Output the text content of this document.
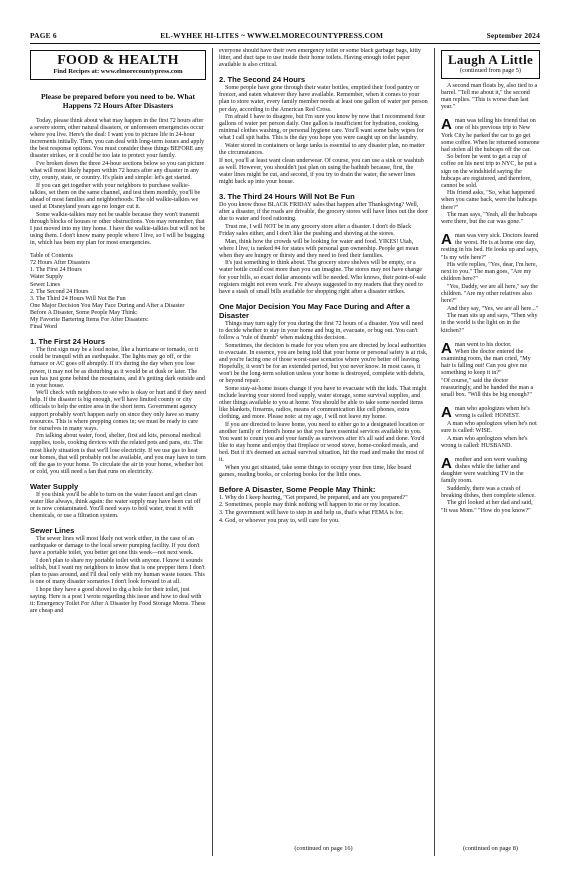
PAGE 6	EL-WYHEE HI-LITES ~ WWW.ELMORECOUNTYPRESS.COM	September 2024
FOOD & HEALTH
Find Recipes at: www.elmorecountypress.com
Please be prepared before you need to be. What Happens 72 Hours After Disasters

Today, please think about what may happen in the first 72 hours after a severe storm, other natural disasters, or unforeseen emergencies occur where you live. Here's the deal: I want you to picture life in 24-hour increments initially. Then, you can deal with long-term issues and apply the best response options. You must consider these things BEFORE any disaster strikes, or it could be too late to protect your family.

I've broken down the three 24-hour sections below so you can picture what will most likely happen within 72 hours after any disaster in any city, county, state, or country. It's plain and simple: let's get started.

If you can get together with your neighbors to purchase walkie-talkies, set them on the same channel, and test them monthly, you'll be ahead of most families and neighborhoods. The old walkie-talkies we used at Disneyland years ago no longer cut it.

Some walkie-talkies may not be usable because they won't transmit through blocks of houses or other obstructions. You may remember, that I just moved into my tiny home. I have the walkie-talkies but will not be using them. I don't know many people where I live, so I will be bugging in, which has been my plan for most emergencies.

Table of Contents
72 Hours After Disasters
1. The First 24 Hours
Water Supply
Sewer Lines
2. The Second 24 Hours
3. The Third 24 Hours Will Not Be Fun
One Major Decision You May Face During and After a Disaster
Before A Disaster, Some People May Think:
My Favorite Bartering Items For After Disasters:
Final Word
1. The First 24 Hours

The first sign may be a loud noise, like a hurricane or tornado, or it could be tranquil with an earthquake. The lights may go off, or the furnace or AC goes off abruptly. If it's during the day when you lose power, it may not be as disturbing as it would be at dusk or later. The sun has just gone behind the mountains, and it's getting dark outside and in your house.

We'll check with neighbors to see who is okay or hurt and if they need help. If the disaster is big enough, we'll have limited county or city officials to help the entire area in the short term. Government agency support probably won't happen early on since they only have so many resources. This is where prepping comes in; we must be ready to care for ourselves in many ways.

I'm talking about water, food, shelter, first aid kits, personal medical supplies, tools, cooking devices with the related pots and pans, etc. The most likely situation is that we'll lose electricity. If we use gas to heat our homes, that will probably not be available, and you may have to turn off the gas to your home. To circulate the air in your home, whether hot or cold, you still need a fan that runs on electricity.

Water Supply

If you think you'll be able to turn on the water faucet and get clean water like always, think again: the water supply may have been cut off or is now contaminated. You'll need ways to boil water, treat it with chemicals, or use a filtration system.

Sewer Lines

The sewer lines will most likely not work either, in the case of an earthquake or damage to the local sewer pumping facility. If you don't have a portable toilet, you better get one this week—not next week.

I don't plan to share my portable toilet with anyone. I know it sounds selfish, but I want my neighbors to know that is one prepper item I don't plan to pass around, and I'll deal only with my human waste issues. This is one of many disaster scenarios I don't look forward to at all.

I hope they have a good shovel to dig a hole for their toilet, just saying. Here is a post I wrote regarding this issue and how to deal with it: Emergency Toilet For After A Disaster by Food Storage Moms. These are cheap and

everyone should have their own emergency toilet or some black garbage bags, kitty litter, and duct tape to use inside their home toilets. Having enough toilet paper available is also critical.

2. The Second 24 Hours

Some people have gone through their water bottles, emptied their food pantry or freezer, and eaten whatever they have available. Remember, when it comes to your plan to store water, every family member needs at least one gallon of water per person per day, according to the American Red Cross.

I'm afraid I have to disagree, but I'm sure you know by now that I recommend four gallons of water per person daily. One gallon is insufficient for hydration, cooking, minimal clothes washing, or personal hygiene care. You'll want some baby wipes for what I call spit baths. This is the day you hope you were caught up on the laundry.

Water stored in containers or large tanks is essential to any disaster plan, no matter the circumstances.

If not, you'll at least want clean underwear. Of course, you can use a sink or washtub as well. However, you shouldn't just plan on using the bathtub because, first, the water lines might be cut, and second, if you try to drain the water, the sewer lines might back up into your house.

3. The Third 24 Hours Will Not Be Fun

Do you know those BLACK FRIDAY sales that happen after Thanksgiving? Well, after a disaster, if the roads are drivable, the grocery stores will have lines out the door due to water and food rationing.

Trust me, I will NOT be in any grocery store after a disaster. I don't do Black Friday sales either, and I don't like the pushing and shoving at the stores.

Man, think how the crowds will be looking for water and food. YIKES! Utah, where I live, is ranked #4 for states with personal gun ownership. People get mean when they are hungry or thirsty and they need to feed their families.

It's just something to think about. The grocery store shelves will be empty, or a water bottle could cost more than you can imagine. The stores may not have change for your bills, so exact dollar amounts will be needed. Who knows, their point-of-sale registers might not even work. I've always suggested to my readers that they need to have a stash of small bills available for shopping right after a disaster strikes.

One Major Decision You May Face During and After a Disaster

Things may turn ugly for you during the first 72 hours of a disaster. You will need to decide whether to stay in your home and bug in, evacuate, or bug out. You can't follow a "rule of thumb" when making this decision.

Sometimes, the decision is made for you when you are directed by local authorities to evacuate. In essence, you are being told that your home or personal safety is at risk, and you're facing one of those worst-case scenarios where you're better off leaving. Hopefully, it won't be for an extended period, but you never know. In most cases, it won't be the long-term solution unless your home is destroyed, complete with debris, or beyond repair.

Some stay-at-home issues change if you have to evacuate with the kids. That might include leaving your stored food supply, water storage, some survival supplies, and other things available to you at home. You should be able to take some needed items like blankets, firearms, radios, means of communication like cell phones, extra clothing, and more. Please note: at my age, I will not leave my home.

If you are directed to leave home, you need to either go to a designated location or another family or friend's home so that you have essential services available to you. You want to count you and your family as survivors after it's all said and done. You'd like to stay home and enjoy that fireplace or wood stove, home-cooked meals, and bed. But if it's deemed an actual survival situation, hit the road and make the most of it.

When you get situated, take some things to occupy your free time, like board games, reading books, or coloring books for the little ones.

Before A Disaster, Some People May Think:

1. Why do I keep hearing, "Get prepared, be prepared, and are you prepared?"

2. Sometimes, people may think nothing will happen to me or my location.

3. The government will have to step in and help us, that's what FEMA is for.

4. God, or whoever you pray to, will care for you.

(continued on page 16)
Laugh A Little
(continued from page 5)

A second man floats by, also tied to a barrel. "Tell me about it," the second man replies. "This is worse than last year."

A man was telling his friend that on one of his previous trip to New York City he parked the car to go get some coffee. When he returned someone had stolen all the hubcaps off the car.

So before he went to get a cup of coffee on his next trip to NYC, he put a sign on the windshield saying the hubcaps are registered, and therefore, cannot be sold.

His friend asks, "So, what happened when you came back, were the hubcaps there?"

The man says, "Yeah, all the hubcaps were there, but the car was gone."

A man was very sick. Doctors feared the worst. He is at home one day, resting in his bed. He looks up and says, "Is my wife here?"

His wife replies, "Yes, dear, I'm here, next to you." The man goes, "Are my children here?"

"Yes, Daddy, we are all here," say the children. "Are my other relatives also here?"

And they say, "Yes, we are all here..."

The man sits up and says, "Then why in the world is the light on in the kitchen?"

A man went to his doctor.

When the doctor entered the examining room, the man cried, "My hair is falling out! Can you give me something to keep it in?"

"Of course," said the doctor reassuringly, and he handed the man a small box. "Will this be big enough?"

A man who apologizes when he's wrong is called: HONEST.

A man who apologizes when he's not sure is called: WISE.

A man who apologizes when he's wrong is called: HUSBAND.

A mother and son were washing dishes while the father and daughter were watching TV in the family room.

Suddenly, there was a crash of breaking dishes, then complete silence.

The girl looked at her dad and said, "It was Mom." "How do you know?"

(continued on page 8)
